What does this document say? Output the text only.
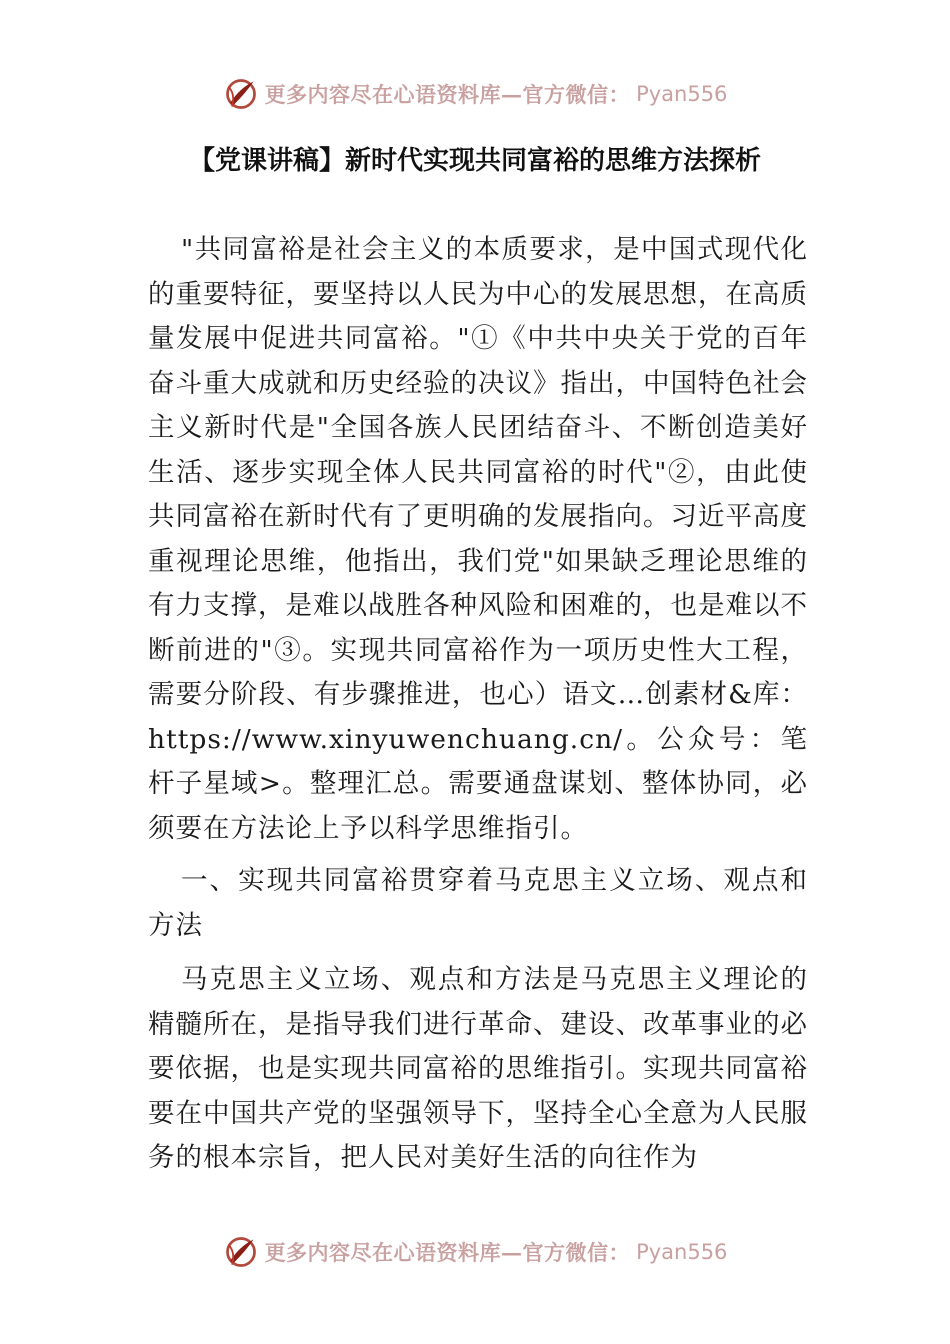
更多内容尽在心语资料库—官方微信： Pyan556
【党课讲稿】新时代实现共同富裕的思维方法探析

"共同富裕是社会主义的本质要求，是中国式现代化的重要特征，要坚持以人民为中心的发展思想，在高质量发展中促进共同富裕。"①《中共中央关于党的百年奋斗重大成就和历史经验的决议》指出，中国特色社会主义新时代是"全国各族人民团结奋斗、不断创造美好生活、逐步实现全体人民共同富裕的时代"②，由此使共同富裕在新时代有了更明确的发展指向。习近平高度重视理论思维，他指出，我们党"如果缺乏理论思维的有力支撑，是难以战胜各种风险和困难的，也是难以不断前进的"③。实现共同富裕作为一项历史性大工程，需要分阶段、有步骤推进，也心）语文…创素材&库：https://www.xinyuwenchuang.cn/。公众号：笔杆子星域>。整理汇总。需要通盘谋划、整体协同，必须要在方法论上予以科学思维指引。

一、实现共同富裕贯穿着马克思主义立场、观点和方法

马克思主义立场、观点和方法是马克思主义理论的精髓所在，是指导我们进行革命、建设、改革事业的必要依据，也是实现共同富裕的思维指引。实现共同富裕要在中国共产党的坚强领导下，坚持全心全意为人民服务的根本宗旨，把人民对美好生活的向往作为

更多内容尽在心语资料库—官方微信： Pyan556
